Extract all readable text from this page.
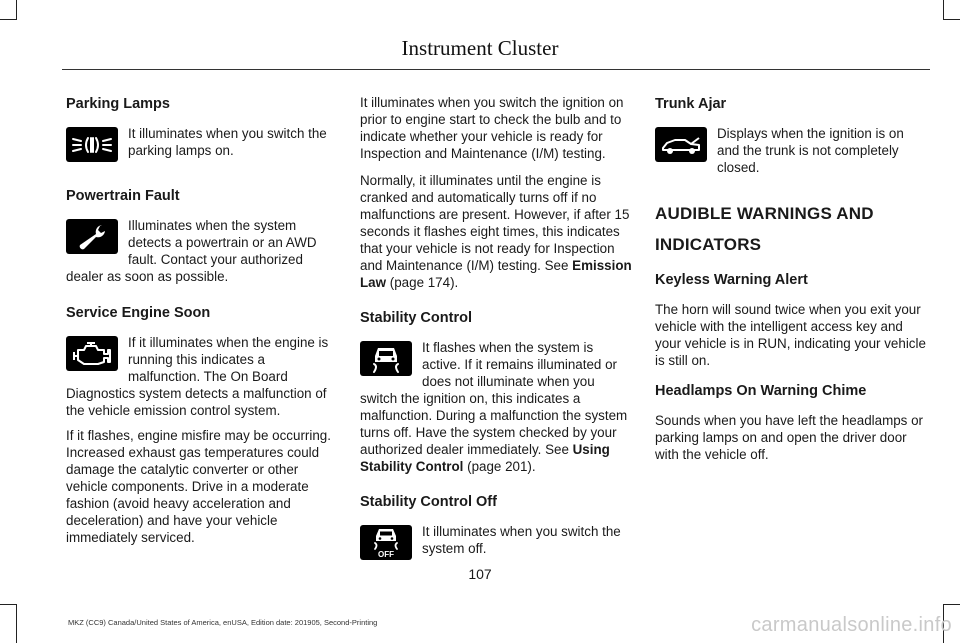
Instrument Cluster
Parking Lamps
It illuminates when you switch the parking lamps on.
Powertrain Fault
Illuminates when the system detects a powertrain or an AWD fault. Contact your authorized dealer as soon as possible.
Service Engine Soon
If it illuminates when the engine is running this indicates a malfunction. The On Board Diagnostics system detects a malfunction of the vehicle emission control system.

If it flashes, engine misfire may be occurring. Increased exhaust gas temperatures could damage the catalytic converter or other vehicle components. Drive in a moderate fashion (avoid heavy acceleration and deceleration) and have your vehicle immediately serviced.

It illuminates when you switch the ignition on prior to engine start to check the bulb and to indicate whether your vehicle is ready for Inspection and Maintenance (I/M) testing.

Normally, it illuminates until the engine is cranked and automatically turns off if no malfunctions are present. However, if after 15 seconds it flashes eight times, this indicates that your vehicle is not ready for Inspection and Maintenance (I/M) testing. See Emission Law (page 174).

Stability Control
It flashes when the system is active. If it remains illuminated or does not illuminate when you switch the ignition on, this indicates a malfunction. During a malfunction the system turns off. Have the system checked by your authorized dealer immediately. See Using Stability Control (page 201).
Stability Control Off
OFF
It illuminates when you switch the system off.
Trunk Ajar
Displays when the ignition is on and the trunk is not completely closed.
AUDIBLE WARNINGS AND
INDICATORS
Keyless Warning Alert

The horn will sound twice when you exit your vehicle with the intelligent access key and your vehicle is in RUN, indicating your vehicle is still on.

Headlamps On Warning Chime

Sounds when you have left the headlamps or parking lamps on and open the driver door with the vehicle off.

107
MKZ (CC9) Canada/United States of America, enUSA, Edition date: 201905, Second-Printing	carmanualsonline.info
